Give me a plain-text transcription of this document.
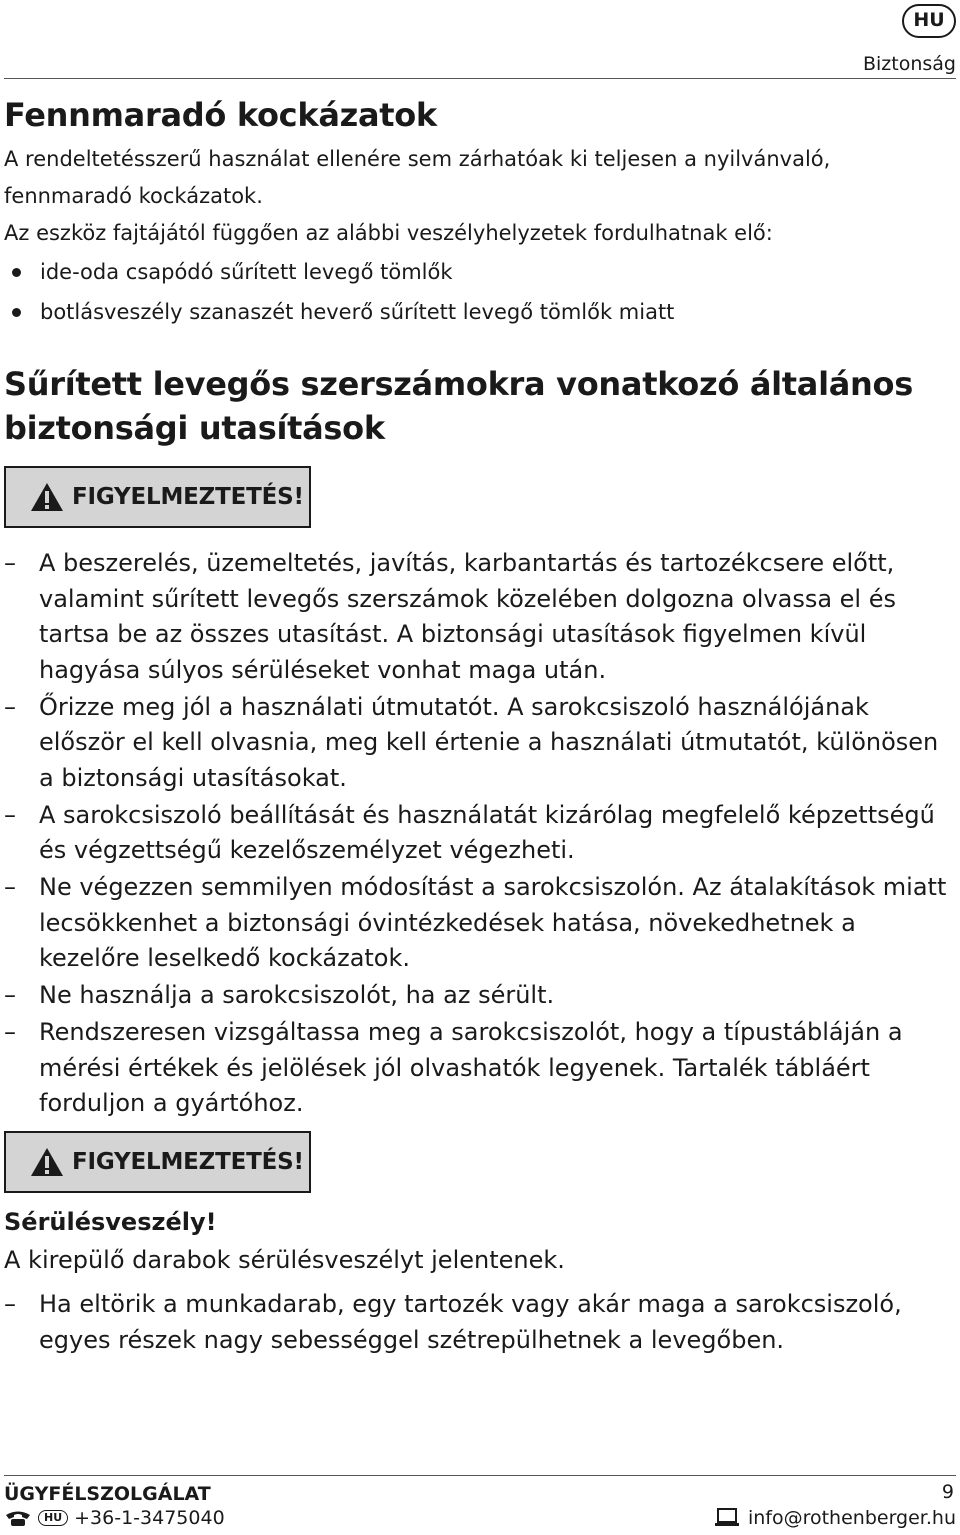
HU
Biztonság
Fennmaradó kockázatok

A rendeltetésszerű használat ellenére sem zárhatóak ki teljesen a nyilvánvaló, fennmaradó kockázatok.

Az eszköz fajtájától függően az alábbi veszélyhelyzetek fordulhatnak elő:

ide-oda csapódó sűrített levegő tömlők
botlásveszély szanaszét heverő sűrített levegő tömlők miatt
Sűrített levegős szerszámokra vonatkozó általános biztonsági utasítások
FIGYELMEZTETÉS!
– A beszerelés, üzemeltetés, javítás, karbantartás és tartozékcsere előtt, valamint sűrített levegős szerszámok közelében dolgozna olvassa el és tartsa be az összes utasítást. A biztonsági utasítások figyelmen kívül hagyása súlyos sérüléseket vonhat maga után.
– Őrizze meg jól a használati útmutatót. A sarokcsiszoló használójának először el kell olvasnia, meg kell értenie a használati útmutatót, különösen a biztonsági utasításokat.
– A sarokcsiszoló beállítását és használatát kizárólag megfelelő képzettségű és végzettségű kezelőszemélyzet végezheti.
– Ne végezzen semmilyen módosítást a sarokcsiszolón. Az átalakítások miatt lecsökkenhet a biztonsági óvintézkedések hatása, növekedhetnek a kezelőre leselkedő kockázatok.
– Ne használja a sarokcsiszolót, ha az sérült.
– Rendszeresen vizsgáltassa meg a sarokcsiszolót, hogy a típustábláján a mérési értékek és jelölések jól olvashatók legyenek. Tartalék tábláért forduljon a gyártóhoz.
FIGYELMEZTETÉS!
Sérülésveszély!
A kirepülő darabok sérülésveszélyt jelentenek.
– Ha eltörik a munkadarab, egy tartozék vagy akár maga a sarokcsiszoló, egyes részek nagy sebességgel szétrepülhetnek a levegőben.
ÜGYFÉLSZOLGÁLAT
HU +36-1-3475040
9
info@rothenberger.hu
